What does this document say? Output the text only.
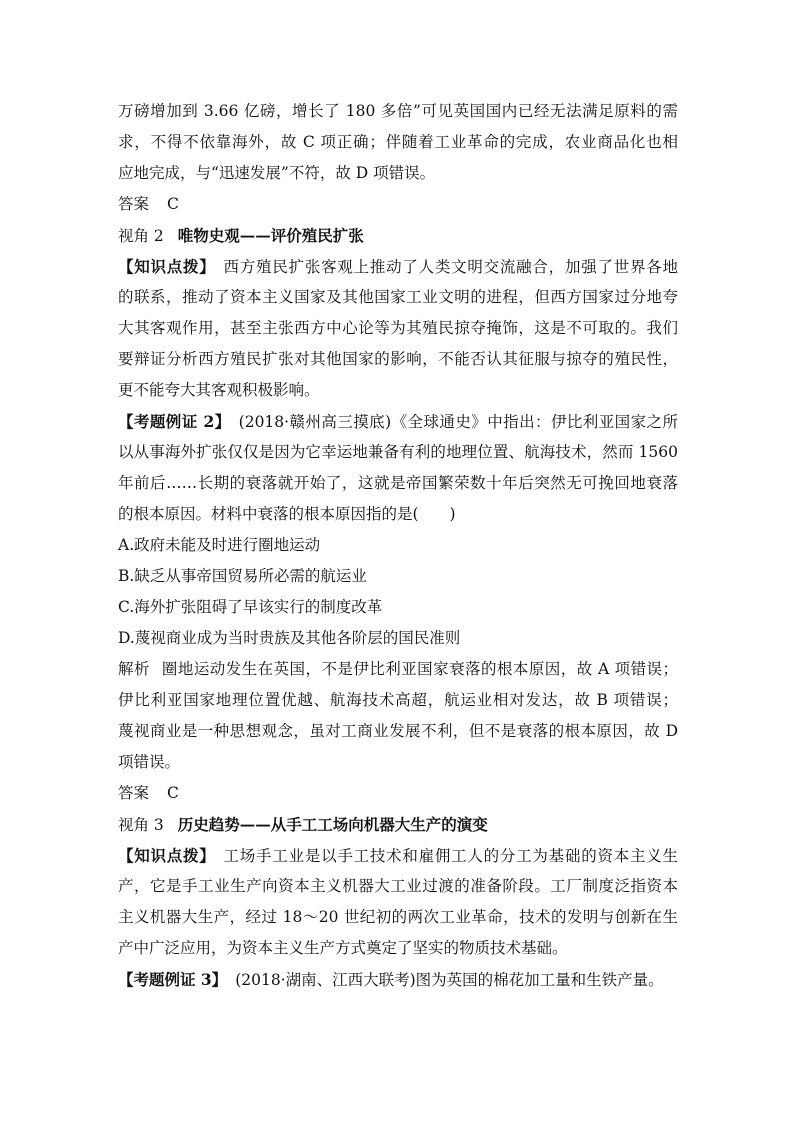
万磅增加到 3.66 亿磅，增长了 180 多倍”可见英国国内已经无法满足原料的需
求，不得不依靠海外，故 C 项正确；伴随着工业革命的完成，农业商品化也相
应地完成，与“迅速发展”不符，故 D 项错误。
答案 C
视角 2 唯物史观——评价殖民扩张
【知识点拨】 西方殖民扩张客观上推动了人类文明交流融合，加强了世界各地
的联系，推动了资本主义国家及其他国家工业文明的进程，但西方国家过分地夸
大其客观作用，甚至主张西方中心论等为其殖民掠夺掩饰，这是不可取的。我们
要辩证分析西方殖民扩张对其他国家的影响，不能否认其征服与掠夺的殖民性，
更不能夸大其客观积极影响。
【考题例证 2】 (2018·赣州高三摸底)《全球通史》中指出：伊比利亚国家之所
以从事海外扩张仅仅是因为它幸运地兼备有利的地理位置、航海技术，然而 1560
年前后……长期的衰落就开始了，这就是帝国繁荣数十年后突然无可挽回地衰落
的根本原因。材料中衰落的根本原因指的是(　　)
A.政府未能及时进行圈地运动
B.缺乏从事帝国贸易所必需的航运业
C.海外扩张阻碍了早该实行的制度改革
D.蔑视商业成为当时贵族及其他各阶层的国民准则
解析 圈地运动发生在英国，不是伊比利亚国家衰落的根本原因，故 A 项错误；
伊比利亚国家地理位置优越、航海技术高超，航运业相对发达，故 B 项错误；
蔑视商业是一种思想观念，虽对工商业发展不利，但不是衰落的根本原因，故 D
项错误。
答案 C
视角 3 历史趋势——从手工工场向机器大生产的演变
【知识点拨】 工场手工业是以手工技术和雇佣工人的分工为基础的资本主义生
产，它是手工业生产向资本主义机器大工业过渡的准备阶段。工厂制度泛指资本
主义机器大生产，经过 18～20 世纪初的两次工业革命，技术的发明与创新在生
产中广泛应用，为资本主义生产方式奠定了坚实的物质技术基础。
【考题例证 3】 (2018·湖南、江西大联考)图为英国的棉花加工量和生铁产量。
